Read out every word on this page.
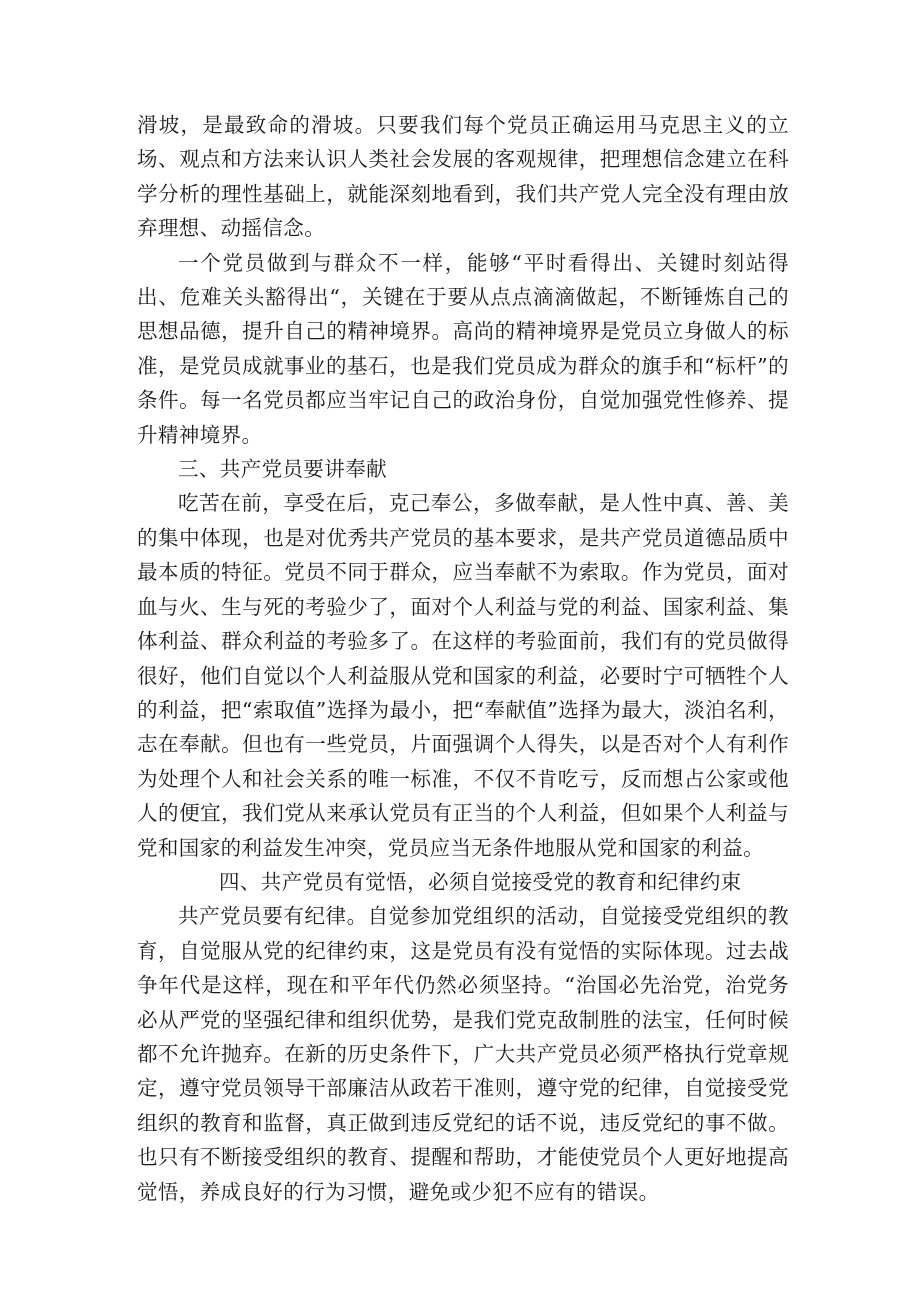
滑坡，是最致命的滑坡。只要我们每个党员正确运用马克思主义的立场、观点和方法来认识人类社会发展的客观规律，把理想信念建立在科学分析的理性基础上，就能深刻地看到，我们共产党人完全没有理由放弃理想、动摇信念。

一个党员做到与群众不一样，能够“平时看得出、关键时刻站得出、危难关头豁得出“，关键在于要从点点滴滴做起，不断锤炼自己的思想品德，提升自己的精神境界。高尚的精神境界是党员立身做人的标准，是党员成就事业的基石，也是我们党员成为群众的旗手和“标杆”的条件。每一名党员都应当牢记自己的政治身份，自觉加强党性修养、提升精神境界。

三、共产党员要讲奉献

吃苦在前，享受在后，克己奉公，多做奉献，是人性中真、善、美的集中体现，也是对优秀共产党员的基本要求，是共产党员道德品质中最本质的特征。党员不同于群众，应当奉献不为索取。作为党员，面对血与火、生与死的考验少了，面对个人利益与党的利益、国家利益、集体利益、群众利益的考验多了。在这样的考验面前，我们有的党员做得很好，他们自觉以个人利益服从党和国家的利益，必要时宁可牺牲个人的利益，把“索取值”选择为最小，把“奉献值”选择为最大，淡泊名利，志在奉献。但也有一些党员，片面强调个人得失，以是否对个人有利作为处理个人和社会关系的唯一标准，不仅不肯吃亏，反而想占公家或他人的便宜，我们党从来承认党员有正当的个人利益，但如果个人利益与党和国家的利益发生冲突，党员应当无条件地服从党和国家的利益。

四、共产党员有觉悟，必须自觉接受党的教育和纪律约束

共产党员要有纪律。自觉参加党组织的活动，自觉接受党组织的教育，自觉服从党的纪律约束，这是党员有没有觉悟的实际体现。过去战争年代是这样，现在和平年代仍然必须坚持。“治国必先治党，治党务必从严党的坚强纪律和组织优势，是我们党克敌制胜的法宝，任何时候都不允许抛弃。在新的历史条件下，广大共产党员必须严格执行党章规定，遵守党员领导干部廉洁从政若干准则，遵守党的纪律，自觉接受党组织的教育和监督，真正做到违反党纪的话不说，违反党纪的事不做。也只有不断接受组织的教育、提醒和帮助，才能使党员个人更好地提高觉悟，养成良好的行为习惯，避免或少犯不应有的错误。
